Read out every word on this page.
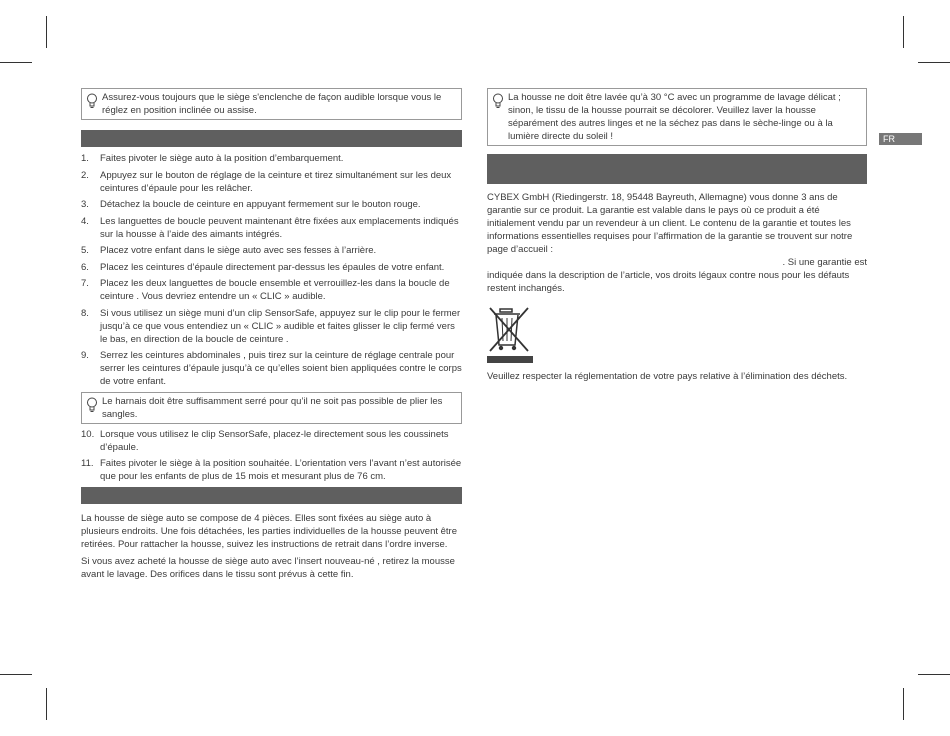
FR

Assurez-vous toujours que le siège s'enclenche de façon audible lorsque vous le réglez en position inclinée ou assise.

1. Faites pivoter le siège auto à la position d’embarquement.
2. Appuyez sur le bouton de réglage de la ceinture et tirez simultanément sur les deux ceintures d’épaule pour les relâcher.
3. Détachez la boucle de ceinture en appuyant fermement sur le bouton rouge.
4. Les languettes de boucle peuvent maintenant être fixées aux emplacements indiqués sur la housse à l’aide des aimants intégrés.
5. Placez votre enfant dans le siège auto avec ses fesses à l’arrière.
6. Placez les ceintures d’épaule directement par-dessus les épaules de votre enfant.
7. Placez les deux languettes de boucle ensemble et verrouillez-les dans la boucle de ceinture . Vous devriez entendre un « CLIC » audible.
8. Si vous utilisez un siège muni d’un clip SensorSafe, appuyez sur le clip pour le fermer jusqu’à ce que vous entendiez un « CLIC » audible et faites glisser le clip fermé vers le bas, en direction de la boucle de ceinture .
9. Serrez les ceintures abdominales , puis tirez sur la ceinture de réglage centrale pour serrer les ceintures d’épaule jusqu’à ce qu’elles soient bien appliquées contre le corps de votre enfant.

Le harnais doit être suffisamment serré pour qu’il ne soit pas possible de plier les sangles.

10. Lorsque vous utilisez le clip SensorSafe, placez-le directement sous les coussinets d’épaule.
11. Faites pivoter le siège à la position souhaitée. L’orientation vers l’avant n’est autorisée que pour les enfants de plus de 15 mois et mesurant plus de 76 cm.

La housse de siège auto se compose de 4 pièces. Elles sont fixées au siège auto à plusieurs endroits. Une fois détachées, les parties individuelles de la housse peuvent être retirées. Pour rattacher la housse, suivez les instructions de retrait dans l’ordre inverse.

Si vous avez acheté la housse de siège auto avec l’insert nouveau-né , retirez la mousse avant le lavage. Des orifices dans le tissu sont prévus à cette fin.

La housse ne doit être lavée qu’à 30 °C avec un programme de lavage délicat ; sinon, le tissu de la housse pourrait se décolorer. Veuillez laver la housse séparément des autres linges et ne la séchez pas dans le sèche-linge ou à la lumière directe du soleil !

CYBEX GmbH (Riedingerstr. 18, 95448 Bayreuth, Allemagne) vous donne 3 ans de garantie sur ce produit. La garantie est valable dans le pays où ce produit a été initialement vendu par un revendeur à un client. Le contenu de la garantie et toutes les informations essentielles requises pour l’affirmation de la garantie se trouvent sur notre page d’accueil :

. Si une garantie est

indiquée dans la description de l’article, vos droits légaux contre nous pour les défauts restent inchangés.

Veuillez respecter la réglementation de votre pays relative à l’élimination des déchets.
